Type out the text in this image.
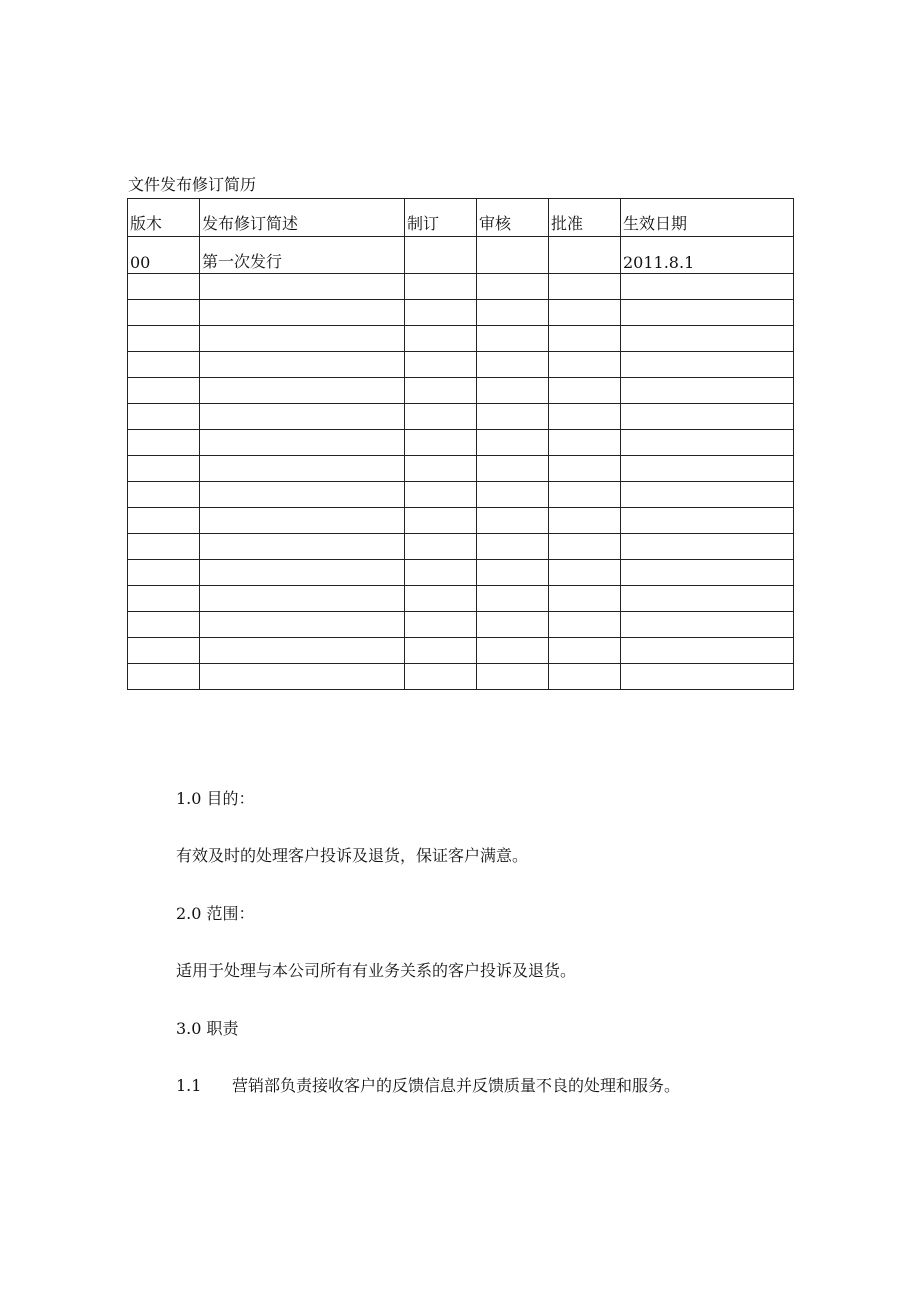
文件发布修订简历
版木	发布修订简述	制订	审核	批准	生效日期
00	第一次发行				2011.8.1

1.0 目的：
有效及时的处理客户投诉及退货，保证客户满意。
2.0 范围：
适用于处理与本公司所有有业务关系的客户投诉及退货。
3.0 职责
1.1 营销部负责接收客户的反馈信息并反馈质量不良的处理和服务。
